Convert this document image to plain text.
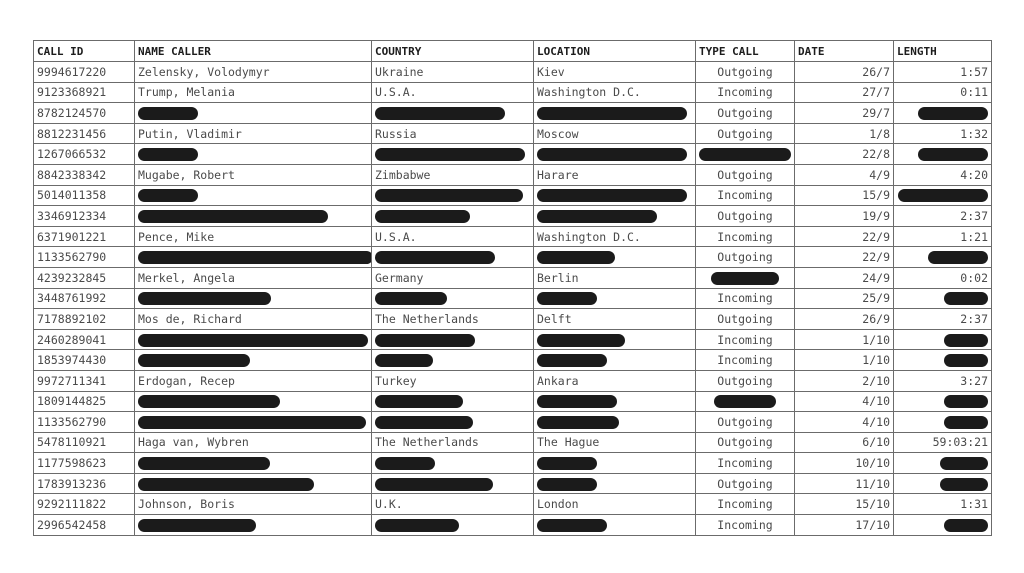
CALL ID	NAME CALLER	COUNTRY	LOCATION	TYPE CALL	DATE	LENGTH
9994617220	Zelensky, Volodymyr	Ukraine	Kiev	Outgoing	26/7	1:57
9123368921	Trump, Melania	U.S.A.	Washington D.C.	Incoming	27/7	0:11
8782124570				Outgoing	29/7	
8812231456	Putin, Vladimir	Russia	Moscow	Outgoing	1/8	1:32
1267066532					22/8	
8842338342	Mugabe, Robert	Zimbabwe	Harare	Outgoing	4/9	4:20
5014011358				Incoming	15/9	
3346912334				Outgoing	19/9	2:37
6371901221	Pence, Mike	U.S.A.	Washington D.C.	Incoming	22/9	1:21
1133562790				Outgoing	22/9	
4239232845	Merkel, Angela	Germany	Berlin		24/9	0:02
3448761992				Incoming	25/9	
7178892102	Mos de, Richard	The Netherlands	Delft	Outgoing	26/9	2:37
2460289041				Incoming	1/10	
1853974430				Incoming	1/10	
9972711341	Erdogan, Recep	Turkey	Ankara	Outgoing	2/10	3:27
1809144825					4/10	
1133562790				Outgoing	4/10	
5478110921	Haga van, Wybren	The Netherlands	The Hague	Outgoing	6/10	59:03:21
1177598623				Incoming	10/10	
1783913236				Outgoing	11/10	
9292111822	Johnson, Boris	U.K.	London	Incoming	15/10	1:31
2996542458				Incoming	17/10	
